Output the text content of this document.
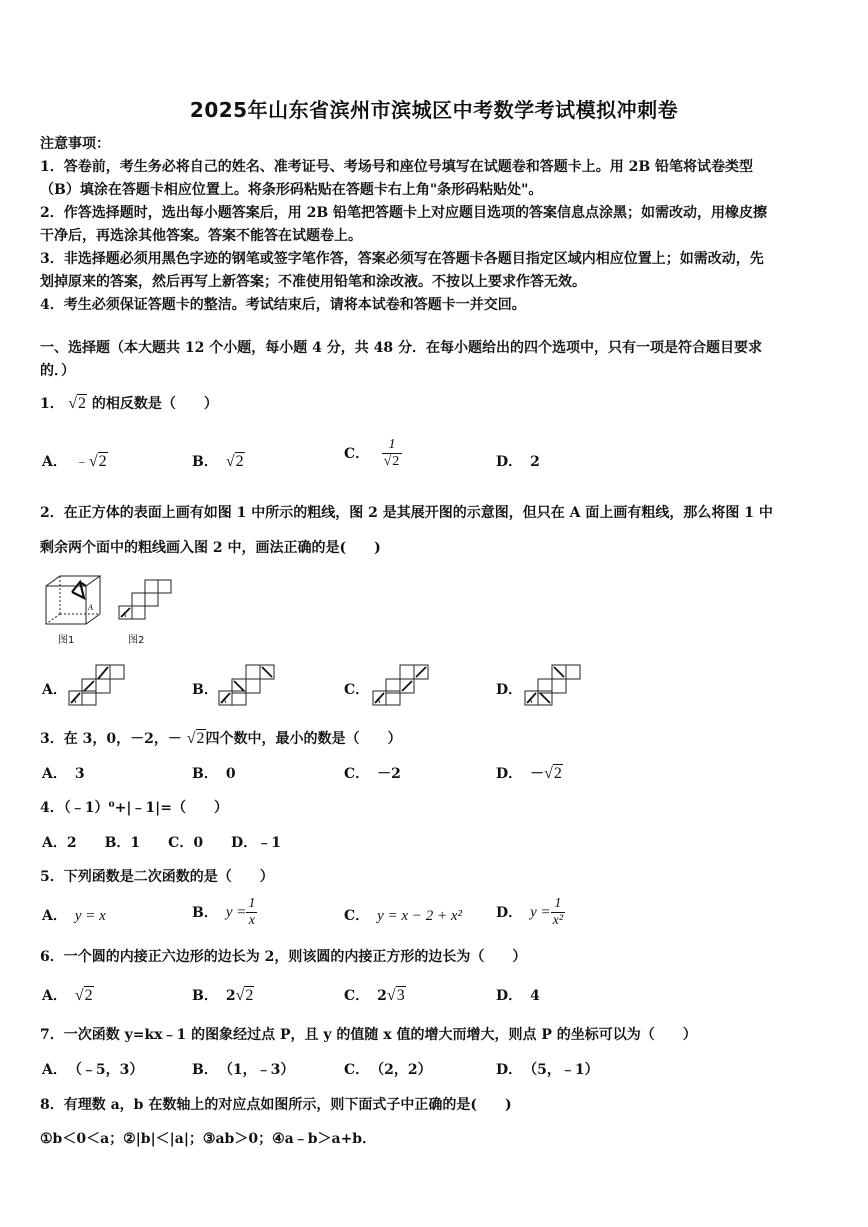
2025年山东省滨州市滨城区中考数学考试模拟冲刺卷
注意事项：
1．答卷前，考生务必将自己的姓名、准考证号、考场号和座位号填写在试题卷和答题卡上。用 2B 铅笔将试卷类型
（B）填涂在答题卡相应位置上。将条形码粘贴在答题卡右上角"条形码粘贴处"。
2．作答选择题时，选出每小题答案后，用 2B 铅笔把答题卡上对应题目选项的答案信息点涂黑；如需改动，用橡皮擦
干净后，再选涂其他答案。答案不能答在试题卷上。
3．非选择题必须用黑色字迹的钢笔或签字笔作答，答案必须写在答题卡各题目指定区域内相应位置上；如需改动，先
划掉原来的答案，然后再写上新答案；不准使用铅笔和涂改液。不按以上要求作答无效。
4．考生必须保证答题卡的整洁。考试结束后，请将本试卷和答题卡一并交回。
一、选择题（本大题共 12 个小题，每小题 4 分，共 48 分．在每小题给出的四个选项中，只有一项是符合题目要求
的．）
1． √2 的相反数是（　　）
A． ﹣√2	B． √2	C． $\frac{1}{√2}$	D． 2
2．在正方体的表面上画有如图 1 中所示的粗线，图 2 是其展开图的示意图，但只在 A 面上画有粗线，那么将图 1 中
剩余两个面中的粗线画入图 2 中，画法正确的是(　　)
A
图1
A
图2
A．
A
B．
A
C．
A
D．
A
3．在 3，0，－2，－ √2四个数中，最小的数是（　　）
A． 3	B． 0	C． －2	D． －√2
4．（﹣1）⁰+|﹣1|=（　　）
A．2　　B．1　　C．0　　D．﹣1
5．下列函数是二次函数的是（　　）
A． y = x	B． $y = \frac{1}{x}$	C． y = x − 2 + x² D． $y = \frac{1}{\text{x²}}$
6．一个圆的内接正六边形的边长为 2，则该圆的内接正方形的边长为（　　）
A． √2	B． 2√2	C． 2√3	D． 4
7．一次函数 y=kx﹣1 的图象经过点 P，且 y 的值随 x 值的增大而增大，则点 P 的坐标可以为（　　）
A． （﹣5，3）	B． （1，﹣3）	C． （2，2）	D． （5，﹣1）
8．有理数 a，b 在数轴上的对应点如图所示，则下面式子中正确的是(　　)
①b＜0＜a；②|b|＜|a|；③ab＞0；④a﹣b＞a+b．
